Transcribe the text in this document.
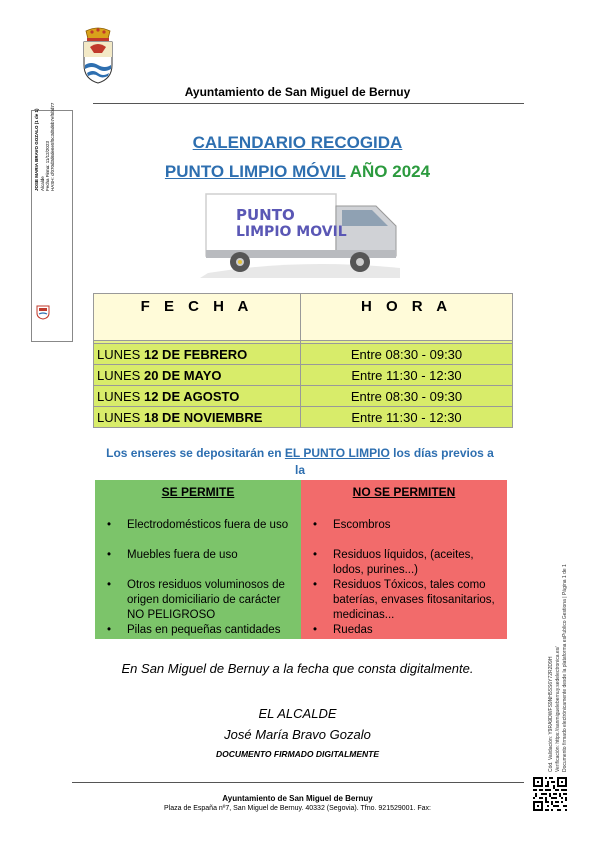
Ayuntamiento de San Miguel de Bernuy
JOSE MARIA BRAVO GOZALO (1 de 1) Alcalde Fecha Firma: 11/12/2023 HASH: cf070d3d6de6e5f0c3d5d6b7ef5bd77	CALENDARIO RECOGIDA
PUNTO LIMPIO MÓVIL AÑO 2024
PUNTO
LIMPIO MOVIL
F E C H A	H O R A

LUNES 12 DE FEBRERO	Entre 08:30 - 09:30
LUNES 20 DE MAYO	Entre 11:30 - 12:30
LUNES 12 DE AGOSTO	Entre 08:30 - 09:30
LUNES 18 DE NOVIEMBRE	Entre 11:30 - 12:30
Los enseres se depositarán en EL PUNTO LIMPIO los días previos a la

SE PERMITE
•	Electrodomésticos fuera de uso
•	Muebles fuera de uso
•	Otros residuos voluminosos de origen domiciliario de carácter NO PELIGROSO
•	Pilas en pequeñas cantidades
NO SE PERMITEN
•	Escombros
•	Residuos líquidos, (aceites, lodos, purines...)
•	Residuos Tóxicos, tales como baterías, envases fitosanitarios, medicinas...
•	Ruedas
En San Miguel de Bernuy a la fecha que consta digitalmente.
EL ALCALDE
José María Bravo Gozalo
DOCUMENTO FIRMADO DIGITALMENTE
Ayuntamiento de San Miguel de Bernuy
Plaza de España nº7, San Miguel de Bernuy. 40332 (Segovia). Tfno. 921529001. Fax:
Cód. Validación: Y9RA9DWFS9NH5SS6Y72R2D9H Verificación: https://sanmiguelebernuy.sedelectronica.es/ Documento firmado electrónicamente desde la plataforma esPublico Gestiona | Página 1 de 1
